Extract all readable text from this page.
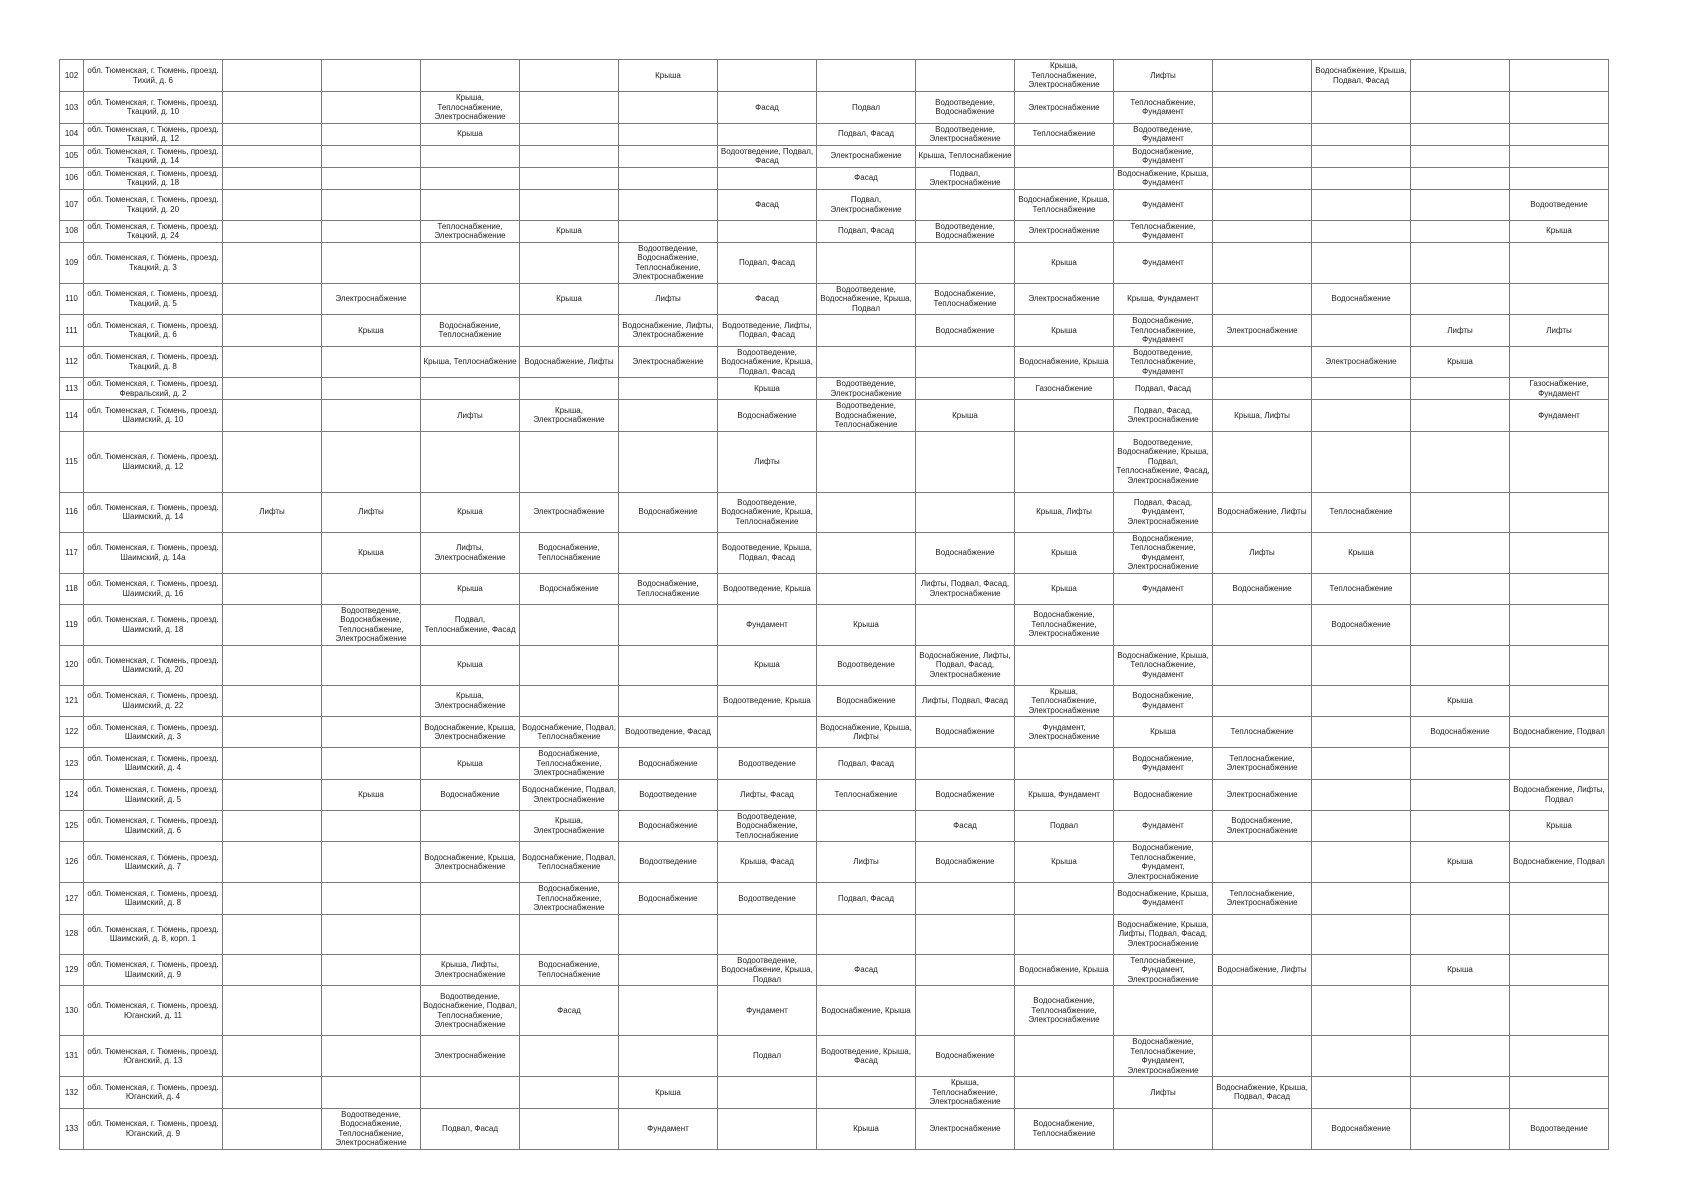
102	обл. Тюменская, г. Тюмень, проезд. Тихий, д. 6					Крыша				Крыша, Теплоснабжение, Электроснабжение	Лифты		Водоснабжение, Крыша, Подвал, Фасад		
103	обл. Тюменская, г. Тюмень, проезд. Ткацкий, д. 10			Крыша, Теплоснабжение, Электроснабжение			Фасад	Подвал	Водоотведение, Водоснабжение	Электроснабжение	Теплоснабжение, Фундамент				
104	обл. Тюменская, г. Тюмень, проезд. Ткацкий, д. 12			Крыша				Подвал, Фасад	Водоотведение, Электроснабжение	Теплоснабжение	Водоотведение, Фундамент				
105	обл. Тюменская, г. Тюмень, проезд. Ткацкий, д. 14						Водоотведение, Подвал, Фасад	Электроснабжение	Крыша, Теплоснабжение		Водоснабжение, Фундамент				
106	обл. Тюменская, г. Тюмень, проезд. Ткацкий, д. 18							Фасад	Подвал, Электроснабжение		Водоснабжение, Крыша, Фундамент				
107	обл. Тюменская, г. Тюмень, проезд. Ткацкий, д. 20						Фасад	Подвал, Электроснабжение		Водоснабжение, Крыша, Теплоснабжение	Фундамент				Водоотведение
108	обл. Тюменская, г. Тюмень, проезд. Ткацкий, д. 24			Теплоснабжение, Электроснабжение	Крыша			Подвал, Фасад	Водоотведение, Водоснабжение	Электроснабжение	Теплоснабжение, Фундамент				Крыша
109	обл. Тюменская, г. Тюмень, проезд. Ткацкий, д. 3					Водоотведение, Водоснабжение, Теплоснабжение, Электроснабжение	Подвал, Фасад			Крыша	Фундамент				
110	обл. Тюменская, г. Тюмень, проезд. Ткацкий, д. 5		Электроснабжение		Крыша	Лифты	Фасад	Водоотведение, Водоснабжение, Крыша, Подвал	Водоснабжение, Теплоснабжение	Электроснабжение	Крыша, Фундамент		Водоснабжение		
111	обл. Тюменская, г. Тюмень, проезд. Ткацкий, д. 6		Крыша	Водоснабжение, Теплоснабжение		Водоснабжение, Лифты, Электроснабжение	Водоотведение, Лифты, Подвал, Фасад		Водоснабжение	Крыша	Водоснабжение, Теплоснабжение, Фундамент	Электроснабжение		Лифты	Лифты
112	обл. Тюменская, г. Тюмень, проезд. Ткацкий, д. 8			Крыша, Теплоснабжение	Водоснабжение, Лифты	Электроснабжение	Водоотведение, Водоснабжение, Крыша, Подвал, Фасад			Водоснабжение, Крыша	Водоотведение, Теплоснабжение, Фундамент		Электроснабжение	Крыша	
113	обл. Тюменская, г. Тюмень, проезд. Февральский, д. 2						Крыша	Водоотведение, Электроснабжение		Газоснабжение	Подвал, Фасад				Газоснабжение, Фундамент
114	обл. Тюменская, г. Тюмень, проезд. Шаимский, д. 10			Лифты	Крыша, Электроснабжение		Водоснабжение	Водоотведение, Водоснабжение, Теплоснабжение	Крыша		Подвал, Фасад, Электроснабжение	Крыша, Лифты			Фундамент
115	обл. Тюменская, г. Тюмень, проезд. Шаимский, д. 12						Лифты				Водоотведение, Водоснабжение, Крыша, Подвал, Теплоснабжение, Фасад, Электроснабжение				
116	обл. Тюменская, г. Тюмень, проезд. Шаимский, д. 14	Лифты	Лифты	Крыша	Электроснабжение	Водоснабжение	Водоотведение, Водоснабжение, Крыша, Теплоснабжение			Крыша, Лифты	Подвал, Фасад, Фундамент, Электроснабжение	Водоснабжение, Лифты	Теплоснабжение		
117	обл. Тюменская, г. Тюмень, проезд. Шаимский, д. 14а		Крыша	Лифты, Электроснабжение	Водоснабжение, Теплоснабжение		Водоотведение, Крыша, Подвал, Фасад		Водоснабжение	Крыша	Водоснабжение, Теплоснабжение, Фундамент, Электроснабжение	Лифты	Крыша		
118	обл. Тюменская, г. Тюмень, проезд. Шаимский, д. 16			Крыша	Водоснабжение	Водоснабжение, Теплоснабжение	Водоотведение, Крыша		Лифты, Подвал, Фасад, Электроснабжение	Крыша	Фундамент	Водоснабжение	Теплоснабжение		
119	обл. Тюменская, г. Тюмень, проезд. Шаимский, д. 18		Водоотведение, Водоснабжение, Теплоснабжение, Электроснабжение	Подвал, Теплоснабжение, Фасад			Фундамент	Крыша		Водоснабжение, Теплоснабжение, Электроснабжение			Водоснабжение		
120	обл. Тюменская, г. Тюмень, проезд. Шаимский, д. 20			Крыша			Крыша	Водоотведение	Водоснабжение, Лифты, Подвал, Фасад, Электроснабжение		Водоснабжение, Крыша, Теплоснабжение, Фундамент				
121	обл. Тюменская, г. Тюмень, проезд. Шаимский, д. 22			Крыша, Электроснабжение			Водоотведение, Крыша	Водоснабжение	Лифты, Подвал, Фасад	Крыша, Теплоснабжение, Электроснабжение	Водоснабжение, Фундамент			Крыша	
122	обл. Тюменская, г. Тюмень, проезд. Шаимский, д. 3			Водоснабжение, Крыша, Электроснабжение	Водоснабжение, Подвал, Теплоснабжение	Водоотведение, Фасад		Водоснабжение, Крыша, Лифты	Водоснабжение	Фундамент, Электроснабжение	Крыша	Теплоснабжение		Водоснабжение	Водоснабжение, Подвал
123	обл. Тюменская, г. Тюмень, проезд. Шаимский, д. 4			Крыша	Водоснабжение, Теплоснабжение, Электроснабжение	Водоснабжение	Водоотведение	Подвал, Фасад			Водоснабжение, Фундамент	Теплоснабжение, Электроснабжение			
124	обл. Тюменская, г. Тюмень, проезд. Шаимский, д. 5		Крыша	Водоснабжение	Водоснабжение, Подвал, Электроснабжение	Водоотведение	Лифты, Фасад	Теплоснабжение	Водоснабжение	Крыша, Фундамент	Водоснабжение	Электроснабжение			Водоснабжение, Лифты, Подвал
125	обл. Тюменская, г. Тюмень, проезд. Шаимский, д. 6				Крыша, Электроснабжение	Водоснабжение	Водоотведение, Водоснабжение, Теплоснабжение		Фасад	Подвал	Фундамент	Водоснабжение, Электроснабжение			Крыша
126	обл. Тюменская, г. Тюмень, проезд. Шаимский, д. 7			Водоснабжение, Крыша, Электроснабжение	Водоснабжение, Подвал, Теплоснабжение	Водоотведение	Крыша, Фасад	Лифты	Водоснабжение	Крыша	Водоснабжение, Теплоснабжение, Фундамент, Электроснабжение			Крыша	Водоснабжение, Подвал
127	обл. Тюменская, г. Тюмень, проезд. Шаимский, д. 8				Водоснабжение, Теплоснабжение, Электроснабжение	Водоснабжение	Водоотведение	Подвал, Фасад			Водоснабжение, Крыша, Фундамент	Теплоснабжение, Электроснабжение			
128	обл. Тюменская, г. Тюмень, проезд. Шаимский, д. 8, корп. 1										Водоснабжение, Крыша, Лифты, Подвал, Фасад, Электроснабжение				
129	обл. Тюменская, г. Тюмень, проезд. Шаимский, д. 9			Крыша, Лифты, Электроснабжение	Водоснабжение, Теплоснабжение		Водоотведение, Водоснабжение, Крыша, Подвал	Фасад		Водоснабжение, Крыша	Теплоснабжение, Фундамент, Электроснабжение	Водоснабжение, Лифты		Крыша	
130	обл. Тюменская, г. Тюмень, проезд. Юганский, д. 11			Водоотведение, Водоснабжение, Подвал, Теплоснабжение, Электроснабжение	Фасад		Фундамент	Водоснабжение, Крыша		Водоснабжение, Теплоснабжение, Электроснабжение					
131	обл. Тюменская, г. Тюмень, проезд. Юганский, д. 13			Электроснабжение			Подвал	Водоотведение, Крыша, Фасад	Водоснабжение		Водоснабжение, Теплоснабжение, Фундамент, Электроснабжение				
132	обл. Тюменская, г. Тюмень, проезд. Юганский, д. 4					Крыша			Крыша, Теплоснабжение, Электроснабжение		Лифты	Водоснабжение, Крыша, Подвал, Фасад			
133	обл. Тюменская, г. Тюмень, проезд. Юганский, д. 9		Водоотведение, Водоснабжение, Теплоснабжение, Электроснабжение	Подвал, Фасад		Фундамент		Крыша	Электроснабжение	Водоснабжение, Теплоснабжение			Водоснабжение		Водоотведение
